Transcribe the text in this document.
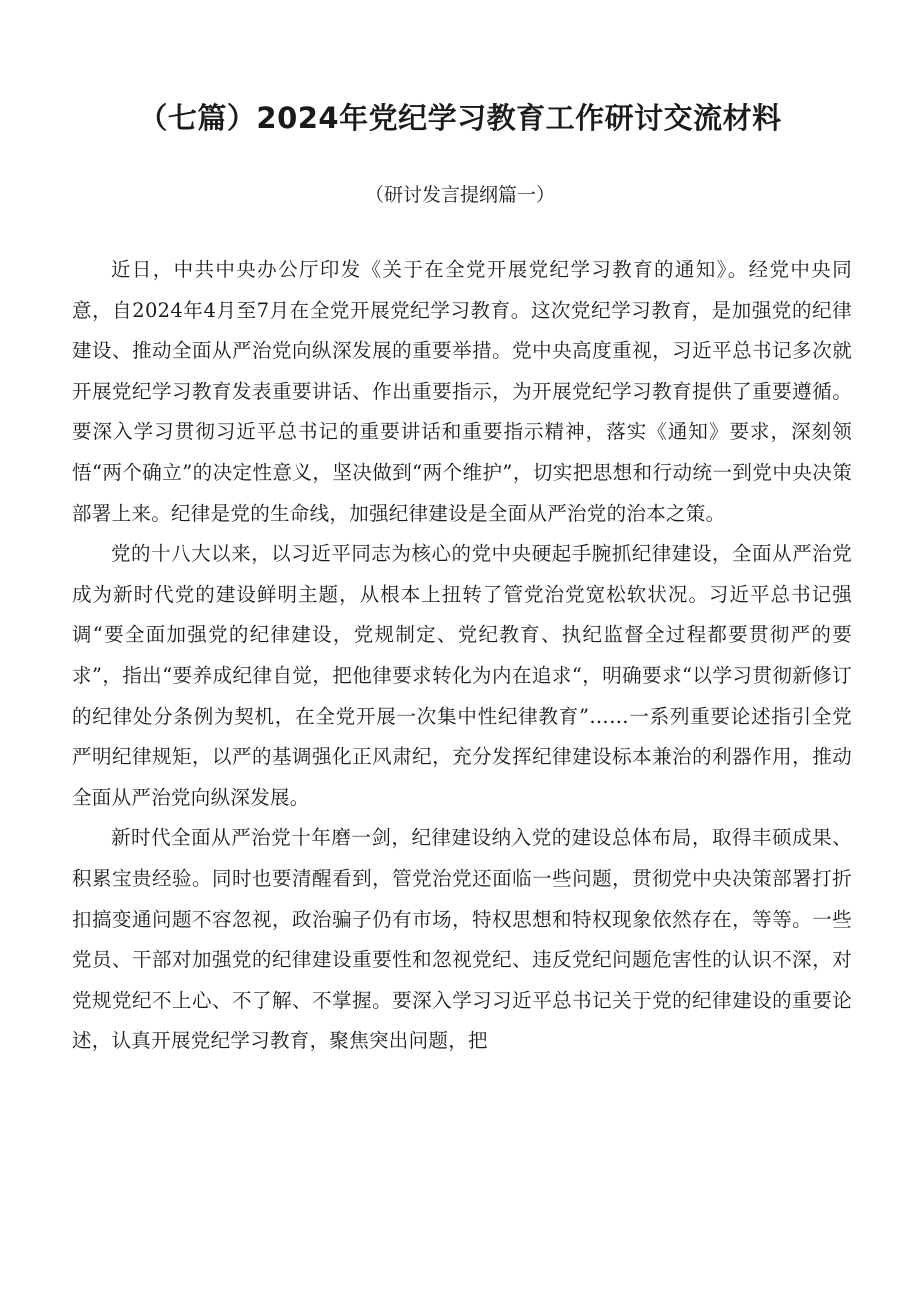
（七篇）2024年党纪学习教育工作研讨交流材料

（研讨发言提纲篇一）

近日，中共中央办公厅印发《关于在全党开展党纪学习教育的通知》。经党中央同意，自2024年4月至7月在全党开展党纪学习教育。这次党纪学习教育，是加强党的纪律建设、推动全面从严治党向纵深发展的重要举措。党中央高度重视，习近平总书记多次就开展党纪学习教育发表重要讲话、作出重要指示，为开展党纪学习教育提供了重要遵循。要深入学习贯彻习近平总书记的重要讲话和重要指示精神，落实《通知》要求，深刻领悟“两个确立”的决定性意义，坚决做到“两个维护”，切实把思想和行动统一到党中央决策部署上来。纪律是党的生命线，加强纪律建设是全面从严治党的治本之策。

党的十八大以来，以习近平同志为核心的党中央硬起手腕抓纪律建设，全面从严治党成为新时代党的建设鲜明主题，从根本上扭转了管党治党宽松软状况。习近平总书记强调“要全面加强党的纪律建设，党规制定、党纪教育、执纪监督全过程都要贯彻严的要求”，指出“要养成纪律自觉，把他律要求转化为内在追求“，明确要求“以学习贯彻新修订的纪律处分条例为契机，在全党开展一次集中性纪律教育”……一系列重要论述指引全党严明纪律规矩，以严的基调强化正风肃纪，充分发挥纪律建设标本兼治的利器作用，推动全面从严治党向纵深发展。

新时代全面从严治党十年磨一剑，纪律建设纳入党的建设总体布局，取得丰硕成果、积累宝贵经验。同时也要清醒看到，管党治党还面临一些问题，贯彻党中央决策部署打折扣搞变通问题不容忽视，政治骗子仍有市场，特权思想和特权现象依然存在，等等。一些党员、干部对加强党的纪律建设重要性和忽视党纪、违反党纪问题危害性的认识不深，对党规党纪不上心、不了解、不掌握。要深入学习习近平总书记关于党的纪律建设的重要论述，认真开展党纪学习教育，聚焦突出问题，把
